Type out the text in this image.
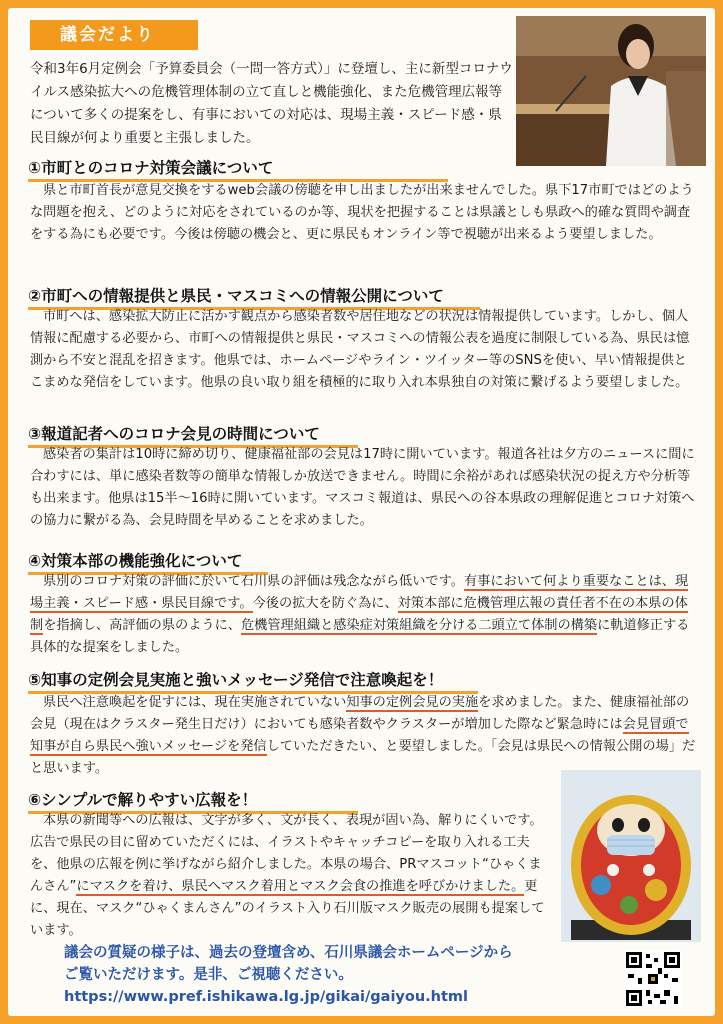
議会だより

令和3年6月定例会「予算委員会（一問一答方式）」に登壇し、主に新型コロナウイルス感染拡大への危機管理体制の立て直しと機能強化、また危機管理広報等について多くの提案をし、有事においての対応は、現場主義・スピード感・県民目線が何より重要と主張しました。

①市町とのコロナ対策会議について

県と市町首長が意見交換をするweb会議の傍聴を申し出ましたが出来ませんでした。県下17市町ではどのような問題を抱え、どのように対応をされているのか等、現状を把握することは県議としも県政へ的確な質問や調査をする為にも必要です。今後は傍聴の機会と、更に県民もオンライン等で視聴が出来るよう要望しました。

②市町への情報提供と県民・マスコミへの情報公開について

市町へは、感染拡大防止に活かす観点から感染者数や居住地などの状況は情報提供しています。しかし、個人情報に配慮する必要から、市町への情報提供と県民・マスコミへの情報公表を過度に制限している為、県民は憶測から不安と混乱を招きます。他県では、ホームページやライン・ツイッター等のSNSを使い、早い情報提供とこまめな発信をしています。他県の良い取り組を積極的に取り入れ本県独自の対策に繋げるよう要望しました。

③報道記者へのコロナ会見の時間について

感染者の集計は10時に締め切り、健康福祉部の会見は17時に開いています。報道各社は夕方のニュースに間に合わすには、単に感染者数等の簡単な情報しか放送できません。時間に余裕があれば感染状況の捉え方や分析等も出来ます。他県は15半〜16時に開いています。マスコミ報道は、県民への谷本県政の理解促進とコロナ対策への協力に繋がる為、会見時間を早めることを求めました。

④対策本部の機能強化について

県別のコロナ対策の評価に於いて石川県の評価は残念ながら低いです。有事において何より重要なことは、現場主義・スピード感・県民目線です。今後の拡大を防ぐ為に、対策本部に危機管理広報の責任者不在の本県の体制を指摘し、高評価の県のように、危機管理組織と感染症対策組織を分ける二頭立て体制の構築に軌道修正する具体的な提案をしました。

⑤知事の定例会見実施と強いメッセージ発信で注意喚起を！

県民へ注意喚起を促すには、現在実施されていない知事の定例会見の実施を求めました。また、健康福祉部の会見（現在はクラスター発生日だけ）においても感染者数やクラスターが増加した際など緊急時には会見冒頭で知事が自ら県民へ強いメッセージを発信していただきたい、と要望しました。「会見は県民への情報公開の場」だと思います。

⑥シンプルで解りやすい広報を！

本県の新聞等への広報は、文字が多く、文が長く、表現が固い為、解りにくいです。広告で県民の目に留めていただくには、イラストやキャッチコピーを取り入れる工夫を、他県の広報を例に挙げながら紹介しました。本県の場合、PRマスコット“ひゃくまんさん”にマスクを着け、県民へマスク着用とマスク会食の推進を呼びかけました。更に、現在、マスク“ひゃくまんさん”のイラスト入り石川版マスク販売の展開も提案しています。

議会の質疑の様子は、過去の登壇含め、石川県議会ホームページから
ご覧いただけます。是非、ご視聴ください。
https://www.pref.ishikawa.lg.jp/gikai/gaiyou.html
